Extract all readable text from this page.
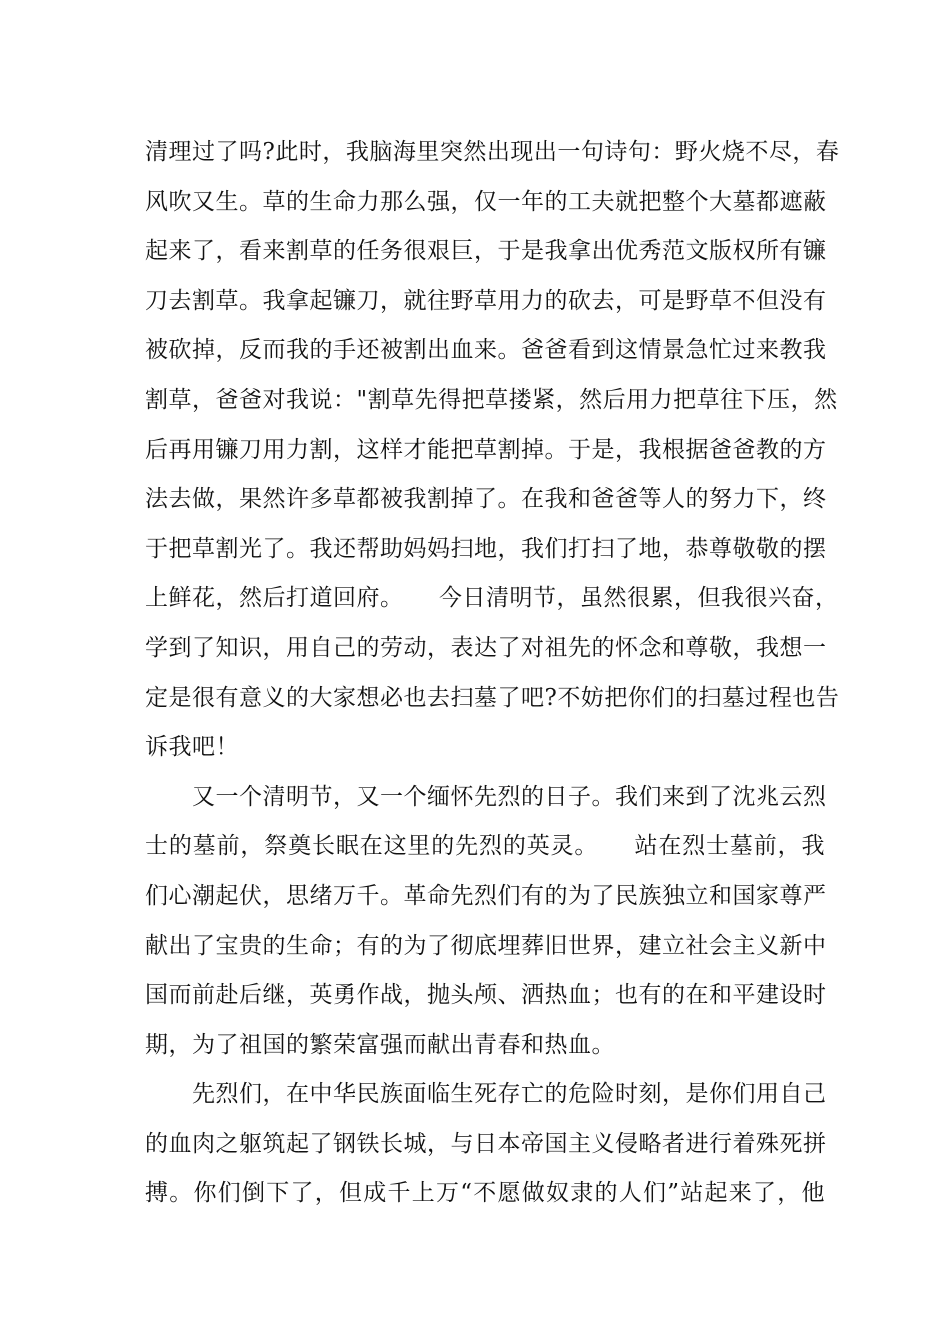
清理过了吗?此时，我脑海里突然出现出一句诗句：野火烧不尽，春
风吹又生。草的生命力那么强，仅一年的工夫就把整个大墓都遮蔽
起来了，看来割草的任务很艰巨，于是我拿出优秀范文版权所有镰
刀去割草。我拿起镰刀，就往野草用力的砍去，可是野草不但没有
被砍掉，反而我的手还被割出血来。爸爸看到这情景急忙过来教我
割草，爸爸对我说："割草先得把草搂紧，然后用力把草往下压，然
后再用镰刀用力割，这样才能把草割掉。于是，我根据爸爸教的方
法去做，果然许多草都被我割掉了。在我和爸爸等人的努力下，终
于把草割光了。我还帮助妈妈扫地，我们打扫了地，恭尊敬敬的摆
上鲜花，然后打道回府。　　今日清明节，虽然很累，但我很兴奋，
学到了知识，用自己的劳动，表达了对祖先的怀念和尊敬，我想一
定是很有意义的大家想必也去扫墓了吧?不妨把你们的扫墓过程也告
诉我吧！
　　又一个清明节，又一个缅怀先烈的日子。我们来到了沈兆云烈
士的墓前，祭奠长眠在这里的先烈的英灵。　　站在烈士墓前，我
们心潮起伏，思绪万千。革命先烈们有的为了民族独立和国家尊严
献出了宝贵的生命；有的为了彻底埋葬旧世界，建立社会主义新中
国而前赴后继，英勇作战，抛头颅、洒热血；也有的在和平建设时
期，为了祖国的繁荣富强而献出青春和热血。
　　先烈们，在中华民族面临生死存亡的危险时刻，是你们用自己
的血肉之躯筑起了钢铁长城，与日本帝国主义侵略者进行着殊死拼
搏。你们倒下了，但成千上万“不愿做奴隶的人们”站起来了，他
